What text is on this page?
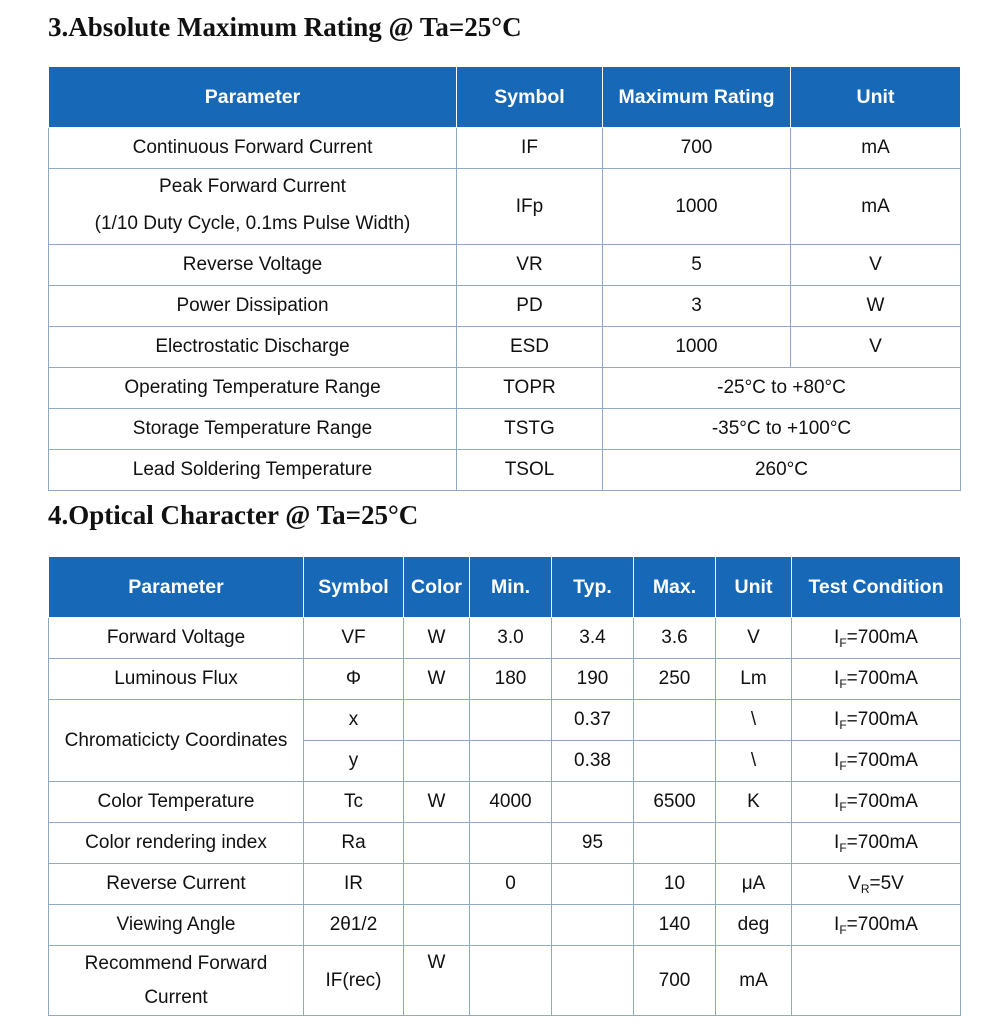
3.Absolute Maximum Rating @ Ta=25°C
Parameter	Symbol	Maximum Rating	Unit
Continuous Forward Current	IF	700	mA

Peak Forward Current
(1/10 Duty Cycle, 0.1ms Pulse Width)	IFp	1000	mA
Reverse Voltage	VR	5	V
Power Dissipation	PD	3	W
Electrostatic Discharge	ESD	1000	V
Operating Temperature Range	TOPR	-25°C to +80°C	
Storage Temperature Range	TSTG	-35°C to +100°C	
Lead Soldering Temperature	TSOL	260°C	
4.Optical Character @ Ta=25°C
Parameter	Symbol	Color	Min.	Typ.	Max.	Unit	Test Condition
Forward Voltage	VF	W	3.0	3.4	3.6	V	$I_F=700mA$
Luminous Flux	Φ	W	180	190	250	Lm	$I_F=700mA$
Chromaticicty Coordinates	x			0.37		\	$I_F=700mA$
	y			0.38		\	$I_F=700mA$
Color Temperature	Tc	W	4000		6500	K	$I_F=700mA$
Color rendering index	Ra			95			$I_F=700mA$
Reverse Current	IR		0		10	μA	$V_R=5V$
Viewing Angle	2θ1/2				140	deg	$I_F=700mA$

Recommend Forward
Current	IF(rec)	W			700	mA	
